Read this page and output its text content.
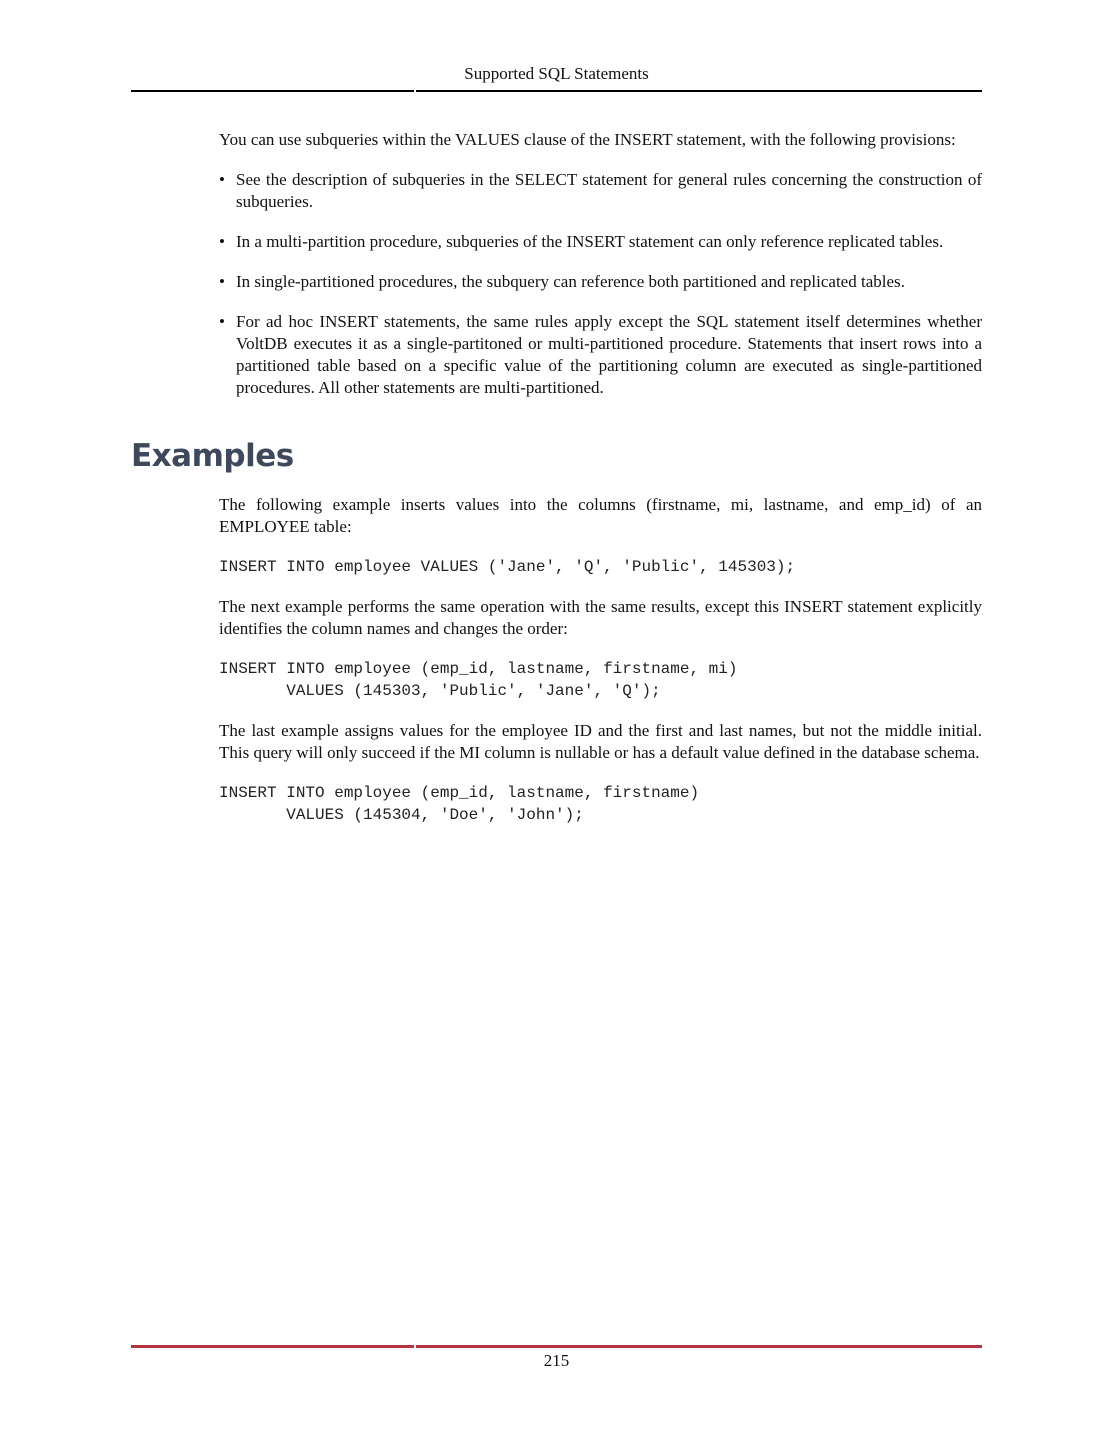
Supported SQL Statements

You can use subqueries within the VALUES clause of the INSERT statement, with the following provisions:

• See the description of subqueries in the SELECT statement for general rules concerning the construction of subqueries.
• In a multi-partition procedure, subqueries of the INSERT statement can only reference replicated tables.
• In single-partitioned procedures, the subquery can reference both partitioned and replicated tables.
• For ad hoc INSERT statements, the same rules apply except the SQL statement itself determines whether VoltDB executes it as a single-partitoned or multi-partitioned procedure. Statements that insert rows into a partitioned table based on a specific value of the partitioning column are executed as single-partitioned procedures. All other statements are multi-partitioned.
Examples

The following example inserts values into the columns (firstname, mi, lastname, and emp_id) of an EMPLOYEE table:

INSERT INTO employee VALUES ('Jane', 'Q', 'Public', 145303);

The next example performs the same operation with the same results, except this INSERT statement explicitly identifies the column names and changes the order:

INSERT INTO employee (emp_id, lastname, firstname, mi)
VALUES (145303, 'Public', 'Jane', 'Q');

The last example assigns values for the employee ID and the first and last names, but not the middle initial. This query will only succeed if the MI column is nullable or has a default value defined in the database schema.

INSERT INTO employee (emp_id, lastname, firstname)
VALUES (145304, 'Doe', 'John');
215
